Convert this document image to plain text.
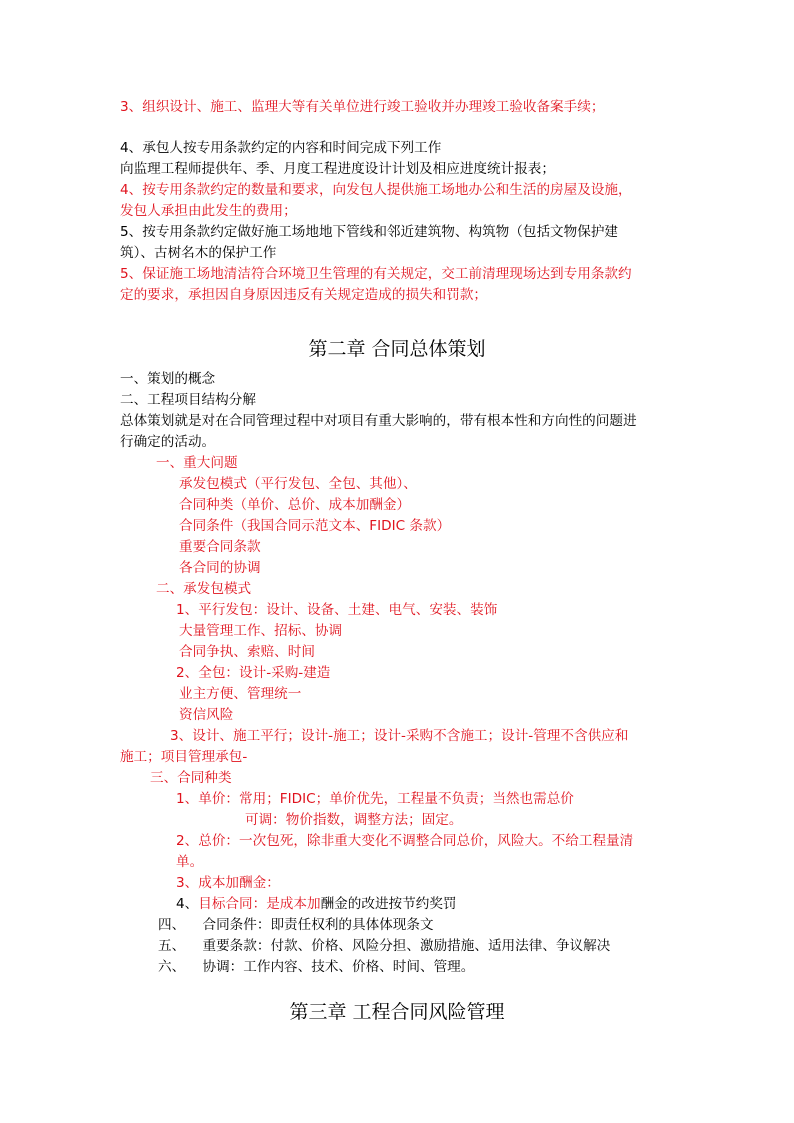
3、组织设计、施工、监理大等有关单位进行竣工验收并办理竣工验收备案手续；
4、承包人按专用条款约定的内容和时间完成下列工作
向监理工程师提供年、季、月度工程进度设计计划及相应进度统计报表；
4、按专用条款约定的数量和要求，向发包人提供施工场地办公和生活的房屋及设施，
发包人承担由此发生的费用；
5、按专用条款约定做好施工场地地下管线和邻近建筑物、构筑物（包括文物保护建
筑）、古树名木的保护工作
5、保证施工场地清洁符合环境卫生管理的有关规定，交工前清理现场达到专用条款约
定的要求，承担因自身原因违反有关规定造成的损失和罚款；
第二章 合同总体策划
一、策划的概念
二、工程项目结构分解
总体策划就是对在合同管理过程中对项目有重大影响的，带有根本性和方向性的问题进
行确定的活动。
一、重大问题
承发包模式（平行发包、全包、其他）、
合同种类（单价、总价、成本加酬金）
合同条件（我国合同示范文本、FIDIC 条款）
重要合同条款
各合同的协调
二、承发包模式
1、平行发包：设计、设备、土建、电气、安装、装饰
大量管理工作、招标、协调
合同争执、索赔、时间
2、全包：设计-采购-建造
业主方便、管理统一
资信风险
3、设计、施工平行；设计-施工；设计-采购不含施工；设计-管理不含供应和
施工；项目管理承包-
三、合同种类
1、单价：常用；FIDIC；单价优先，工程量不负责；当然也需总价
可调：物价指数，调整方法；固定。
2、总价：一次包死，除非重大变化不调整合同总价，风险大。不给工程量清
单。
3、成本加酬金：
4、目标合同：是成本加酬金的改进按节约奖罚
四、    合同条件：即责任权利的具体体现条文
五、    重要条款：付款、价格、风险分担、激励措施、适用法律、争议解决
六、    协调：工作内容、技术、价格、时间、管理。
第三章 工程合同风险管理
